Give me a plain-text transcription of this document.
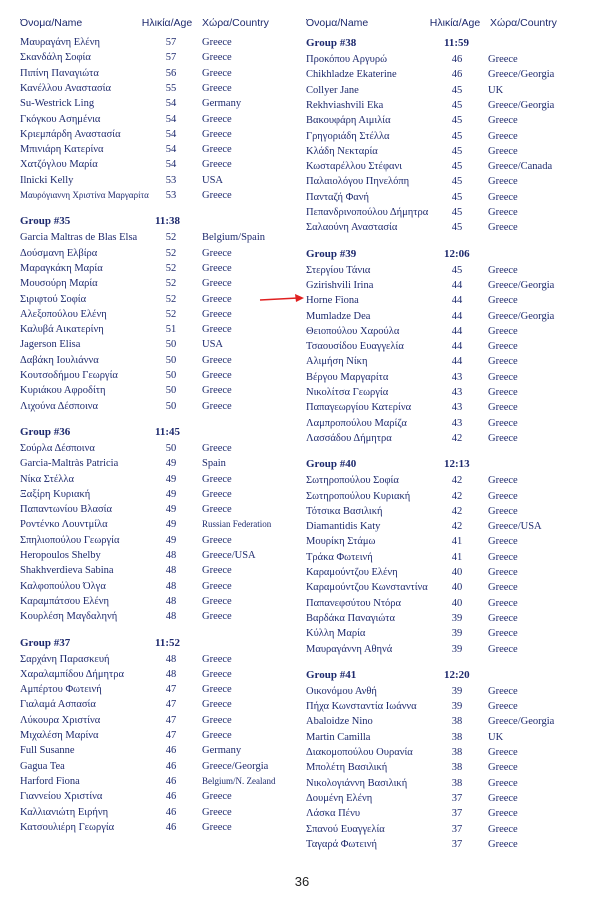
Όνομα/Name	Ηλικία/Age Χώρα/Country
Μαυραγάνη Ελένη	57	Greece
Σκανδάλη Σοφία	57	Greece
Πιπίνη Παναγιώτα	56	Greece
Κανέλλου Αναστασία	55	Greece
Su-Westrick Ling	54	Germany
Γκόγκου Ασημένια	54	Greece
Κριεμπάρδη Αναστασία	54	Greece
Μπινιάρη Κατερίνα	54	Greece
Χατζόγλου Μαρία	54	Greece
Ilnicki Kelly	53	USA
Μαυρόγιαννη Χριστίνα Μαργαρίτα	53	Greece
Group #35	11:38
Garcia Maltras de Blas Elsa	52	Belgium/Spain
Δούσμανη Ελβίρα	52	Greece
Μαραγκάκη Μαρία	52	Greece
Μουσούρη Μαρία	52	Greece
Σιριφτού Σοφία	52	Greece
Αλεξοπούλου Ελένη	52	Greece
Καλυβά Αικατερίνη	51	Greece
Jagerson Elisa	50	USA
Δαβάκη Ιουλιάννα	50	Greece
Κουτσοδήμου Γεωργία	50	Greece
Κυριάκου Αφροδίτη	50	Greece
Λιχούνα Δέσποινα	50	Greece
Group #36	11:45
Σούρλα Δέσποινα	50	Greece
Garcia-Maltràs Patricia	49	Spain
Νίκα Στέλλα	49	Greece
Ξαξίρη Κυριακή	49	Greece
Παπαντωνίου Βλασία	49	Greece
Ροντένκο Λουντμίλα	49	Russian Federation
Σπηλιοπούλου Γεωργία	49	Greece
Heropoulos Shelby	48	Greece/USA
Shakhverdieva Sabina	48	Greece
Καλφοπούλου Όλγα	48	Greece
Καραμπάτσου Ελένη	48	Greece
Κουρλέση Μαγδαληνή	48	Greece
Group #37	11:52
Σαρχάνη Παρασκευή	48	Greece
Χαραλαμπίδου Δήμητρα	48	Greece
Αμπέρτου Φωτεινή	47	Greece
Γιαλαμά Ασπασία	47	Greece
Λύκουρα Χριστίνα	47	Greece
Μιχαλέση Μαρίνα	47	Greece
Full Susanne	46	Germany
Gagua Tea	46	Greece/Georgia
Harford Fiona	46	Belgium/N. Zealand
Γιαννείου Χριστίνα	46	Greece
Καλλιανιώτη Ειρήνη	46	Greece
Κατσουλιέρη Γεωργία	46	Greece
Όνομα/Name	Ηλικία/Age Χώρα/Country
Group #38	11:59
Προκόπου Αργυρώ	46	Greece
Chikhladze Ekaterine	46	Greece/Georgia
Collyer Jane	45	UK
Rekhviashvili Eka	45	Greece/Georgia
Βακουφάρη Αιμιλία	45	Greece
Γρηγοριάδη Στέλλα	45	Greece
Κλάδη Νεκταρία	45	Greece
Κωσταρέλλου Στέφανι	45	Greece/Canada
Παλαιολόγου Πηνελόπη	45	Greece
Πανταζή Φανή	45	Greece
Πεπανδρινοπούλου Δήμητρα	45	Greece
Σαλαούνη Αναστασία	45	Greece
Group #39	12:06
Στεργίου Τάνια	45	Greece
Gzirishvili Irina	44	Greece/Georgia
Horne Fiona	44	Greece
Mumladze Dea	44	Greece/Georgia
Θειοπούλου Χαρούλα	44	Greece
Τσαουσίδου Ευαγγελία	44	Greece
Αλιμήση Νίκη	44	Greece
Βέργου Μαργαρίτα	43	Greece
Νικολίτσα Γεωργία	43	Greece
Παπαγεωργίου Κατερίνα	43	Greece
Λαμπροπούλου Μαρίζα	43	Greece
Λασσάδου Δήμητρα	42	Greece
Group #40	12:13
Σωτηροπούλου Σοφία	42	Greece
Σωτηροπούλου Κυριακή	42	Greece
Τότσικα Βασιλική	42	Greece
Diamantidis Katy	42	Greece/USA
Μουρίκη Στάμω	41	Greece
Τράκα Φωτεινή	41	Greece
Καραμούντζου Ελένη	40	Greece
Καραμούντζου Κωνσταντίνα	40	Greece
Παπανεφσύτου Ντόρα	40	Greece
Βαρδάκα Παναγιώτα	39	Greece
Κύλλη Μαρία	39	Greece
Μαυραγάννη Αθηνά	39	Greece
Group #41	12:20
Οικονόμου Ανθή	39	Greece
Πήχα Κωνσταντία Ιωάννα	39	Greece
Abaloidze Nino	38	Greece/Georgia
Martin Camilla	38	UK
Διακομοπούλου Ουρανία	38	Greece
Μπολέτη Βασιλική	38	Greece
Νικολογιάννη Βασιλική	38	Greece
Δουμένη Ελένη	37	Greece
Λάσκα Πένυ	37	Greece
Σπανού Ευαγγελία	37	Greece
Ταγαρά Φωτεινή	37	Greece
36
